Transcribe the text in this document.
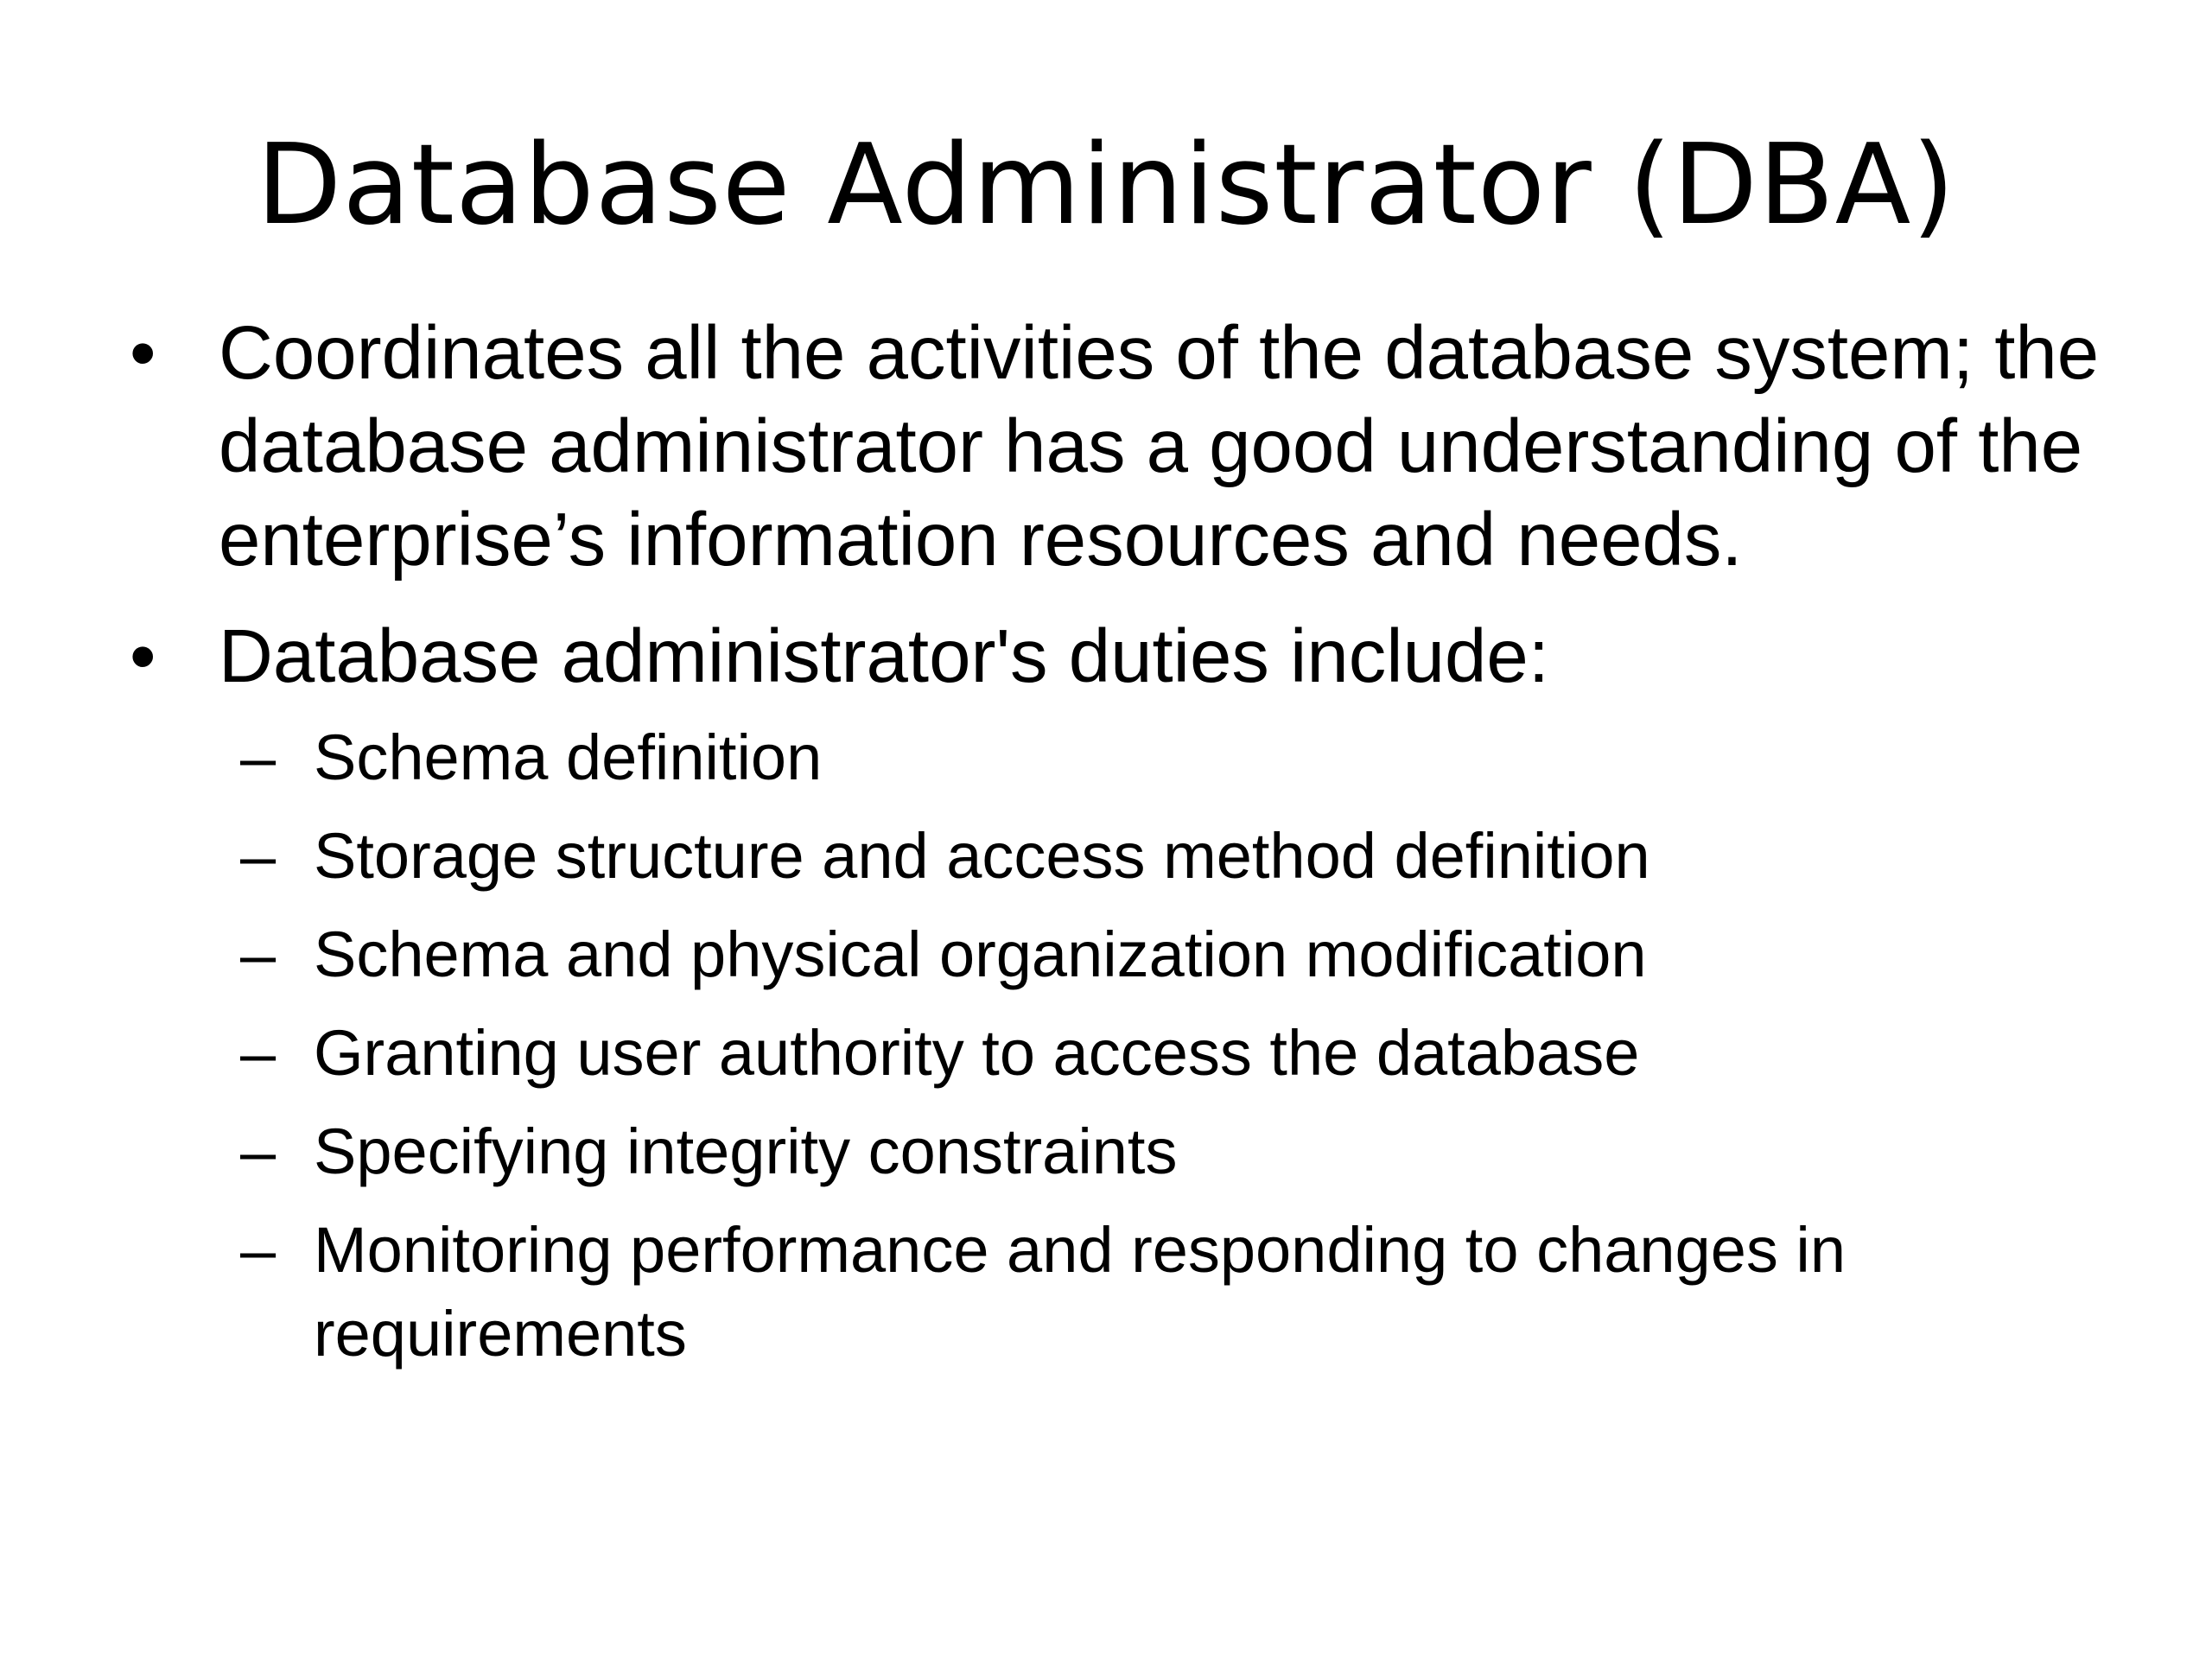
Database Administrator (DBA)
• Coordinates all the activities of the database system; the database administrator has a good understanding of the enterprise’s information resources and needs.
• Database administrator's duties include:
– Schema definition
– Storage structure and access method definition
– Schema and physical organization modification
– Granting user authority to access the database
– Specifying integrity constraints
– Monitoring performance and responding to changes in requirements
